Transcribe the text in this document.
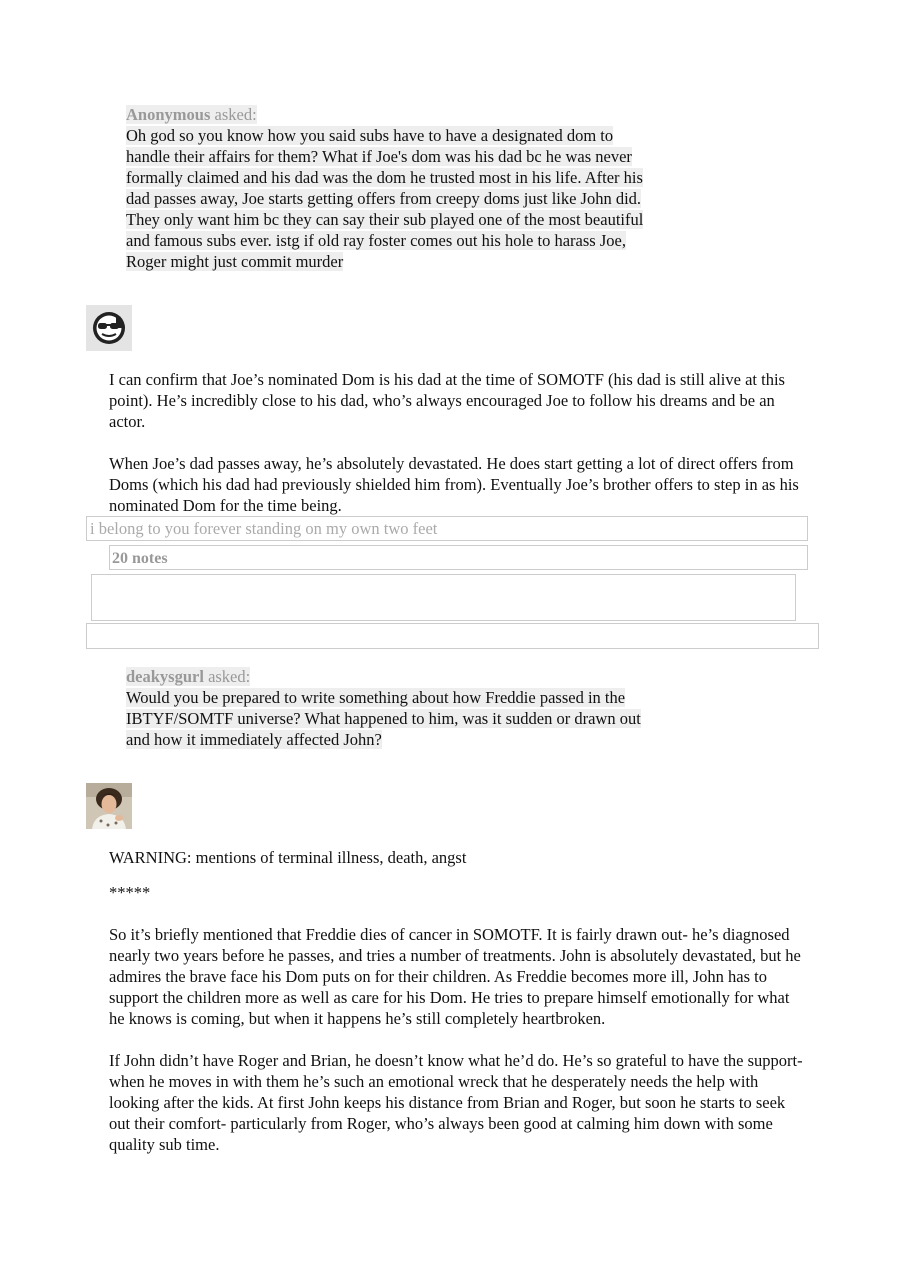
Anonymous asked:
Oh god so you know how you said subs have to have a designated dom to
handle their affairs for them? What if Joe's dom was his dad bc he was never
formally claimed and his dad was the dom he trusted most in his life. After his
dad passes away, Joe starts getting offers from creepy doms just like John did.
They only want him bc they can say their sub played one of the most beautiful
and famous subs ever. istg if old ray foster comes out his hole to harass Joe,
Roger might just commit murder

I can confirm that Joe’s nominated Dom is his dad at the time of SOMOTF (his dad is still alive at this point). He’s incredibly close to his dad, who’s always encouraged Joe to follow his dreams and be an actor.

When Joe’s dad passes away, he’s absolutely devastated. He does start getting a lot of direct offers from Doms (which his dad had previously shielded him from). Eventually Joe’s brother offers to step in as his nominated Dom for the time being.

i belong to you forever standing on my own two feet
20 notes
deakysgurl asked:
Would you be prepared to write something about how Freddie passed in the
IBTYF/SOMTF universe? What happened to him, was it sudden or drawn out
and how it immediately affected John?

WARNING: mentions of terminal illness, death, angst

*****

So it’s briefly mentioned that Freddie dies of cancer in SOMOTF. It is fairly drawn out- he’s diagnosed nearly two years before he passes, and tries a number of treatments. John is absolutely devastated, but he admires the brave face his Dom puts on for their children. As Freddie becomes more ill, John has to support the children more as well as care for his Dom. He tries to prepare himself emotionally for what he knows is coming, but when it happens he’s still completely heartbroken.

If John didn’t have Roger and Brian, he doesn’t know what he’d do. He’s so grateful to have the support- when he moves in with them he’s such an emotional wreck that he desperately needs the help with looking after the kids. At first John keeps his distance from Brian and Roger, but soon he starts to seek out their comfort- particularly from Roger, who’s always been good at calming him down with some quality sub time.
